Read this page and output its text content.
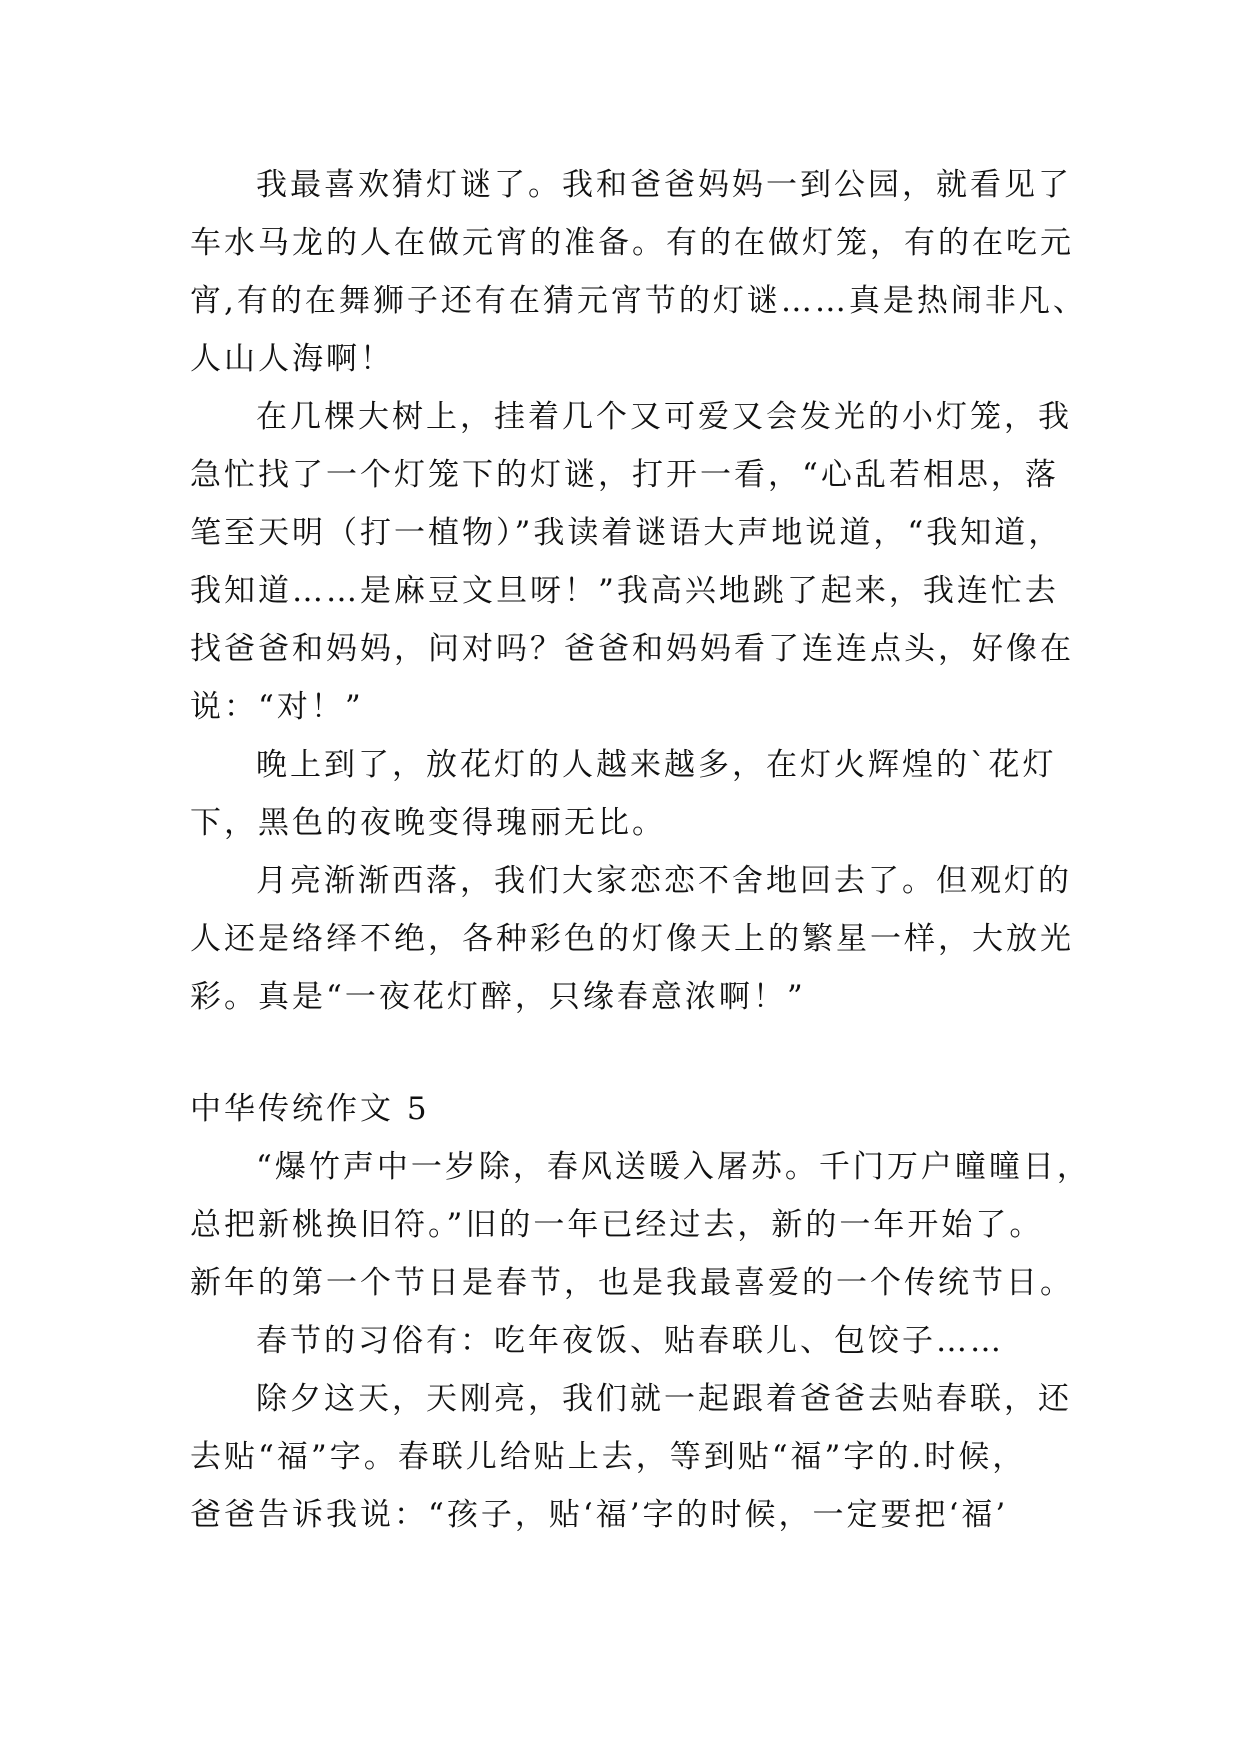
我最喜欢猜灯谜了。我和爸爸妈妈一到公园，就看见了
车水马龙的人在做元宵的准备。有的在做灯笼，有的在吃元
宵,有的在舞狮子还有在猜元宵节的灯谜……真是热闹非凡、
人山人海啊！
在几棵大树上，挂着几个又可爱又会发光的小灯笼，我
急忙找了一个灯笼下的灯谜，打开一看，“心乱若相思，落
笔至天明（打一植物）”我读着谜语大声地说道，“我知道，
我知道……是麻豆文旦呀！”我高兴地跳了起来，我连忙去
找爸爸和妈妈，问对吗？爸爸和妈妈看了连连点头，好像在
说：“对！”
晚上到了，放花灯的人越来越多，在灯火辉煌的`花灯
下，黑色的夜晚变得瑰丽无比。
月亮渐渐西落，我们大家恋恋不舍地回去了。但观灯的
人还是络绎不绝，各种彩色的灯像天上的繁星一样，大放光
彩。真是“一夜花灯醉，只缘春意浓啊！”
中华传统作文 5
“爆竹声中一岁除，春风送暖入屠苏。千门万户曈曈日，
总把新桃换旧符。”旧的一年已经过去，新的一年开始了。
新年的第一个节日是春节，也是我最喜爱的一个传统节日。
春节的习俗有：吃年夜饭、贴春联儿、包饺子……
除夕这天，天刚亮，我们就一起跟着爸爸去贴春联，还
去贴“福”字。春联儿给贴上去，等到贴“福”字的.时候，
爸爸告诉我说：“孩子，贴‘福’字的时候，一定要把‘福’
